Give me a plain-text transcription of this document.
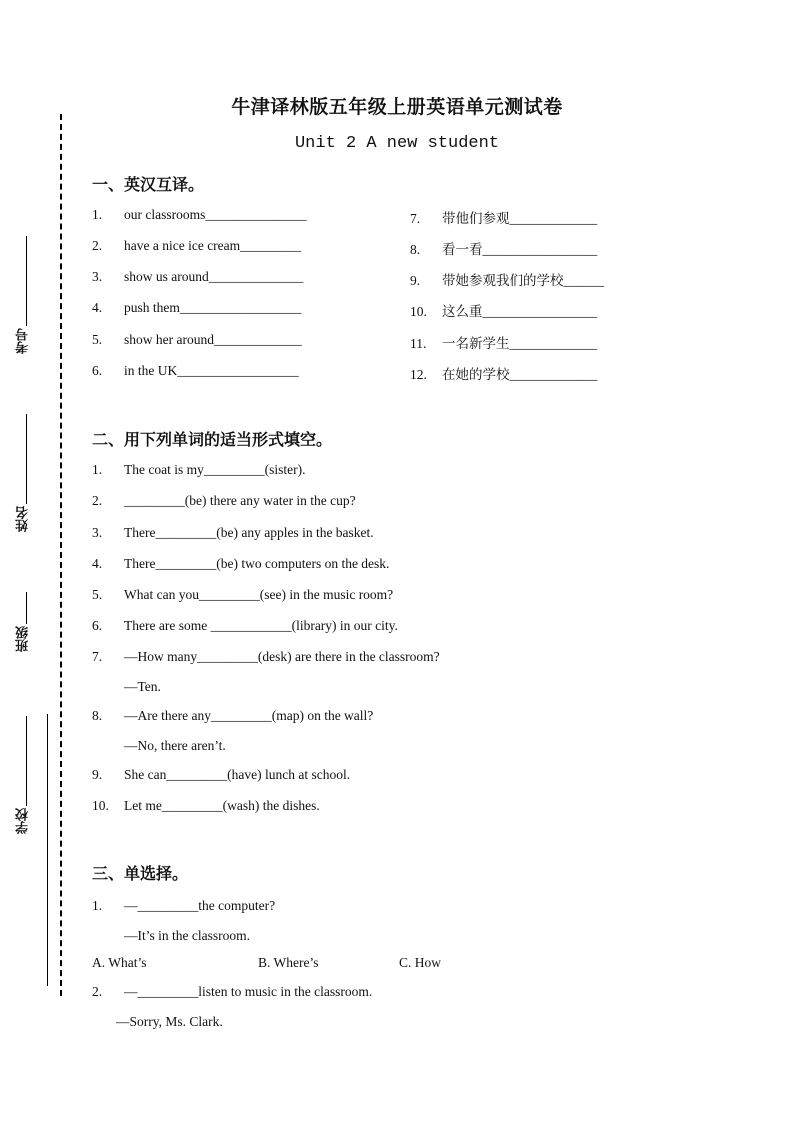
考号
姓名
班级
学校
牛津译林版五年级上册英语单元测试卷
Unit 2 A new student
一、英汉互译。
1. our classrooms_______________
2. have a nice ice cream_________
3. show us around______________
4. push them__________________
5. show her around_____________
6. in the UK__________________
7. 带他们参观_____________
8. 看一看_________________
9. 带她参观我们的学校______
10. 这么重_________________
11. 一名新学生_____________
12. 在她的学校_____________
二、用下列单词的适当形式填空。
1. The coat is my_________(sister).
2. _________(be) there any water in the cup?
3. There_________(be) any apples in the basket.
4. There_________(be) two computers on the desk.
5. What can you_________(see) in the music room?
6. There are some ____________(library) in our city.
7. —How many_________(desk) are there in the classroom?
—Ten.
8. —Are there any_________(map) on the wall?
—No, there aren’t.
9. She can_________(have) lunch at school.
10. Let me_________(wash) the dishes.
三、单选择。
1. —_________the computer?
—It’s in the classroom.
A. What’s	B. Where’s	C. How
2. —_________listen to music in the classroom.
—Sorry, Ms. Clark.
